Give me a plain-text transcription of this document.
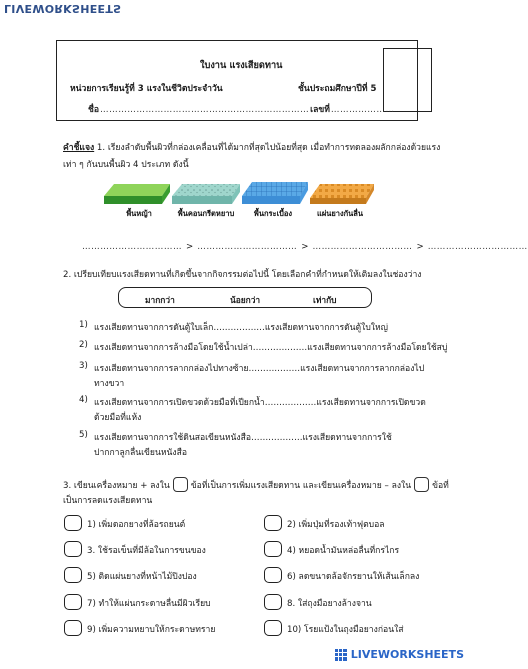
LIVEWORKSHEETS
ใบงาน แรงเสียดทาน
หน่วยการเรียนรู้ที่ 3 แรงในชีวิตประจำวัน	ชั้นประถมศึกษาปีที่ 5
ชื่อ …………………………………………………………… เลขที่ …………………
คำชี้แจง 1. เรียงลำดับพื้นผิวที่กล่องเคลื่อนที่ได้มากที่สุดไปน้อยที่สุด เมื่อทำการทดลองผลักกล่องด้วยแรง
เท่า ๆ กันบนพื้นผิว 4 ประเภท ดังนี้
พื้นหญ้า	พื้นคอนกรีตหยาบ	พื้นกระเบื้อง	แผ่นยางกันลื่น
…………………………… > …………………………… > …………………………… > ……………………………
2. เปรียบเทียบแรงเสียดทานที่เกิดขึ้นจากกิจกรรมต่อไปนี้ โดยเลือกคำที่กำหนดให้เติมลงในช่องว่าง
มากกว่า	น้อยกว่า	เท่ากับ
1) แรงเสียดทานจากการดันตู้ใบเล็ก………………แรงเสียดทานจากการดันตู้ใบใหญ่
2) แรงเสียดทานจากการล้างมือโดยใช้น้ำเปล่า……………….แรงเสียดทานจากการล้างมือโดยใช้สบู่
3) แรงเสียดทานจากการลากกล่องไปทางซ้าย………………แรงเสียดทานจากการลากกล่องไป
ทางขวา
4) แรงเสียดทานจากการเปิดขวดด้วยมือที่เปียกน้ำ………………แรงเสียดทานจากการเปิดขวด
ด้วยมือที่แห้ง
5) แรงเสียดทานจากการใช้ดินสอเขียนหนังสือ………………แรงเสียดทานจากการใช้
ปากกาลูกลื่นเขียนหนังสือ
3. เขียนเครื่องหมาย + ลงใน ข้อที่เป็นการเพิ่มแรงเสียดทาน และเขียนเครื่องหมาย – ลงใน ข้อที่
เป็นการลดแรงเสียดทาน
1) เพิ่มดอกยางที่ล้อรถยนต์
3. ใช้รอเข็นที่มีล้อในการขนของ
5) ติดแผ่นยางที่หน้าไม้ปิงปอง
7) ทำให้แผ่นกระดาษลื่นมีผิวเรียบ
9) เพิ่มความหยาบให้กระดาษทราย
2) เพิ่มปุ่มที่รองเท้าฟุตบอล
4) หยอดน้ำมันหล่อลื่นที่กรไกร
6) ลดขนาดล้อจักรยานให้เส้นเล็กลง
8. ใส่ถุงมือยางล้างจาน
10) โรยแป้งในถุงมือยางก่อนใส่
LIVEWORKSHEETS
